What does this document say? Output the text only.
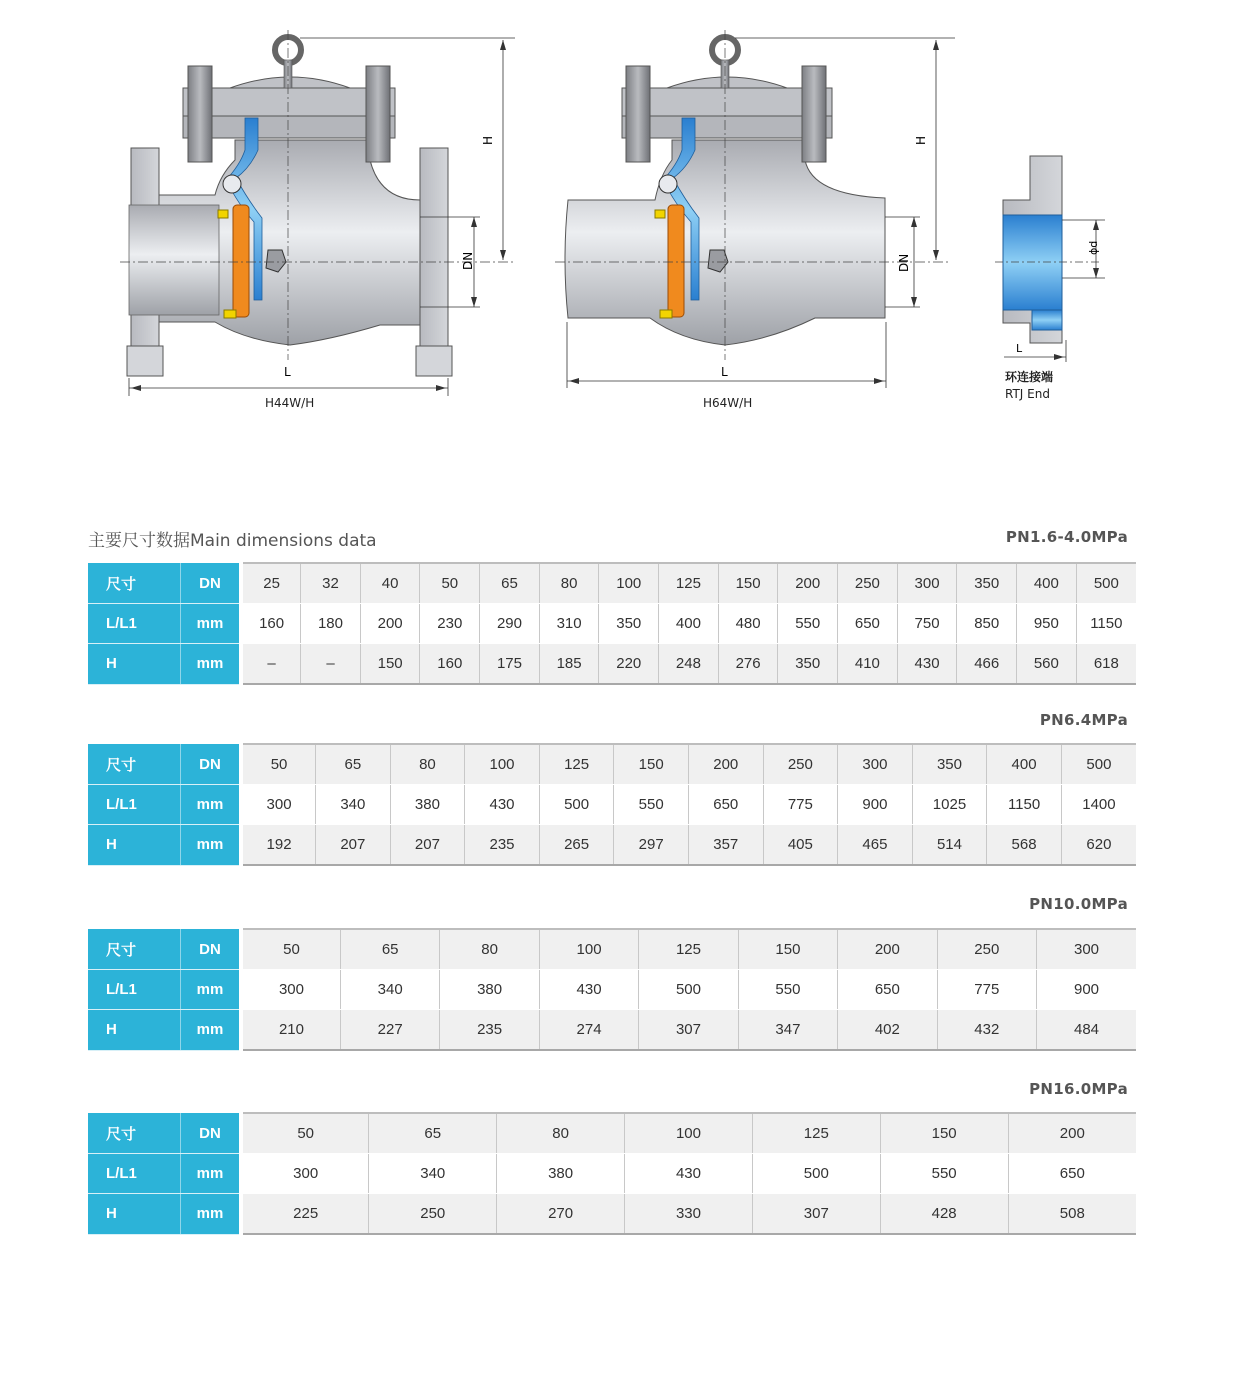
H
DN
L
H
DN
L
ϕd
L
H44W/H	H64W/H
环连接端
RTJ End
主要尺寸数据Main dimensions data	PN1.6-4.0MPa
尺寸	DN	25	32	40	50	65	80	100	125	150	200	250	300	350	400	500
L/L1	mm	160	180	200	230	290	310	350	400	480	550	650	750	850	950	1150
H	mm	–	–	150	160	175	185	220	248	276	350	410	430	466	560	618
PN6.4MPa
尺寸	DN	50	65	80	100	125	150	200	250	300	350	400	500
L/L1	mm	300	340	380	430	500	550	650	775	900	1025	1150	1400
H	mm	192	207	207	235	265	297	357	405	465	514	568	620
PN10.0MPa
尺寸	DN	50	65	80	100	125	150	200	250	300
L/L1	mm	300	340	380	430	500	550	650	775	900
H	mm	210	227	235	274	307	347	402	432	484
PN16.0MPa
尺寸	DN	50	65	80	100	125	150	200
L/L1	mm	300	340	380	430	500	550	650
H	mm	225	250	270	330	307	428	508
